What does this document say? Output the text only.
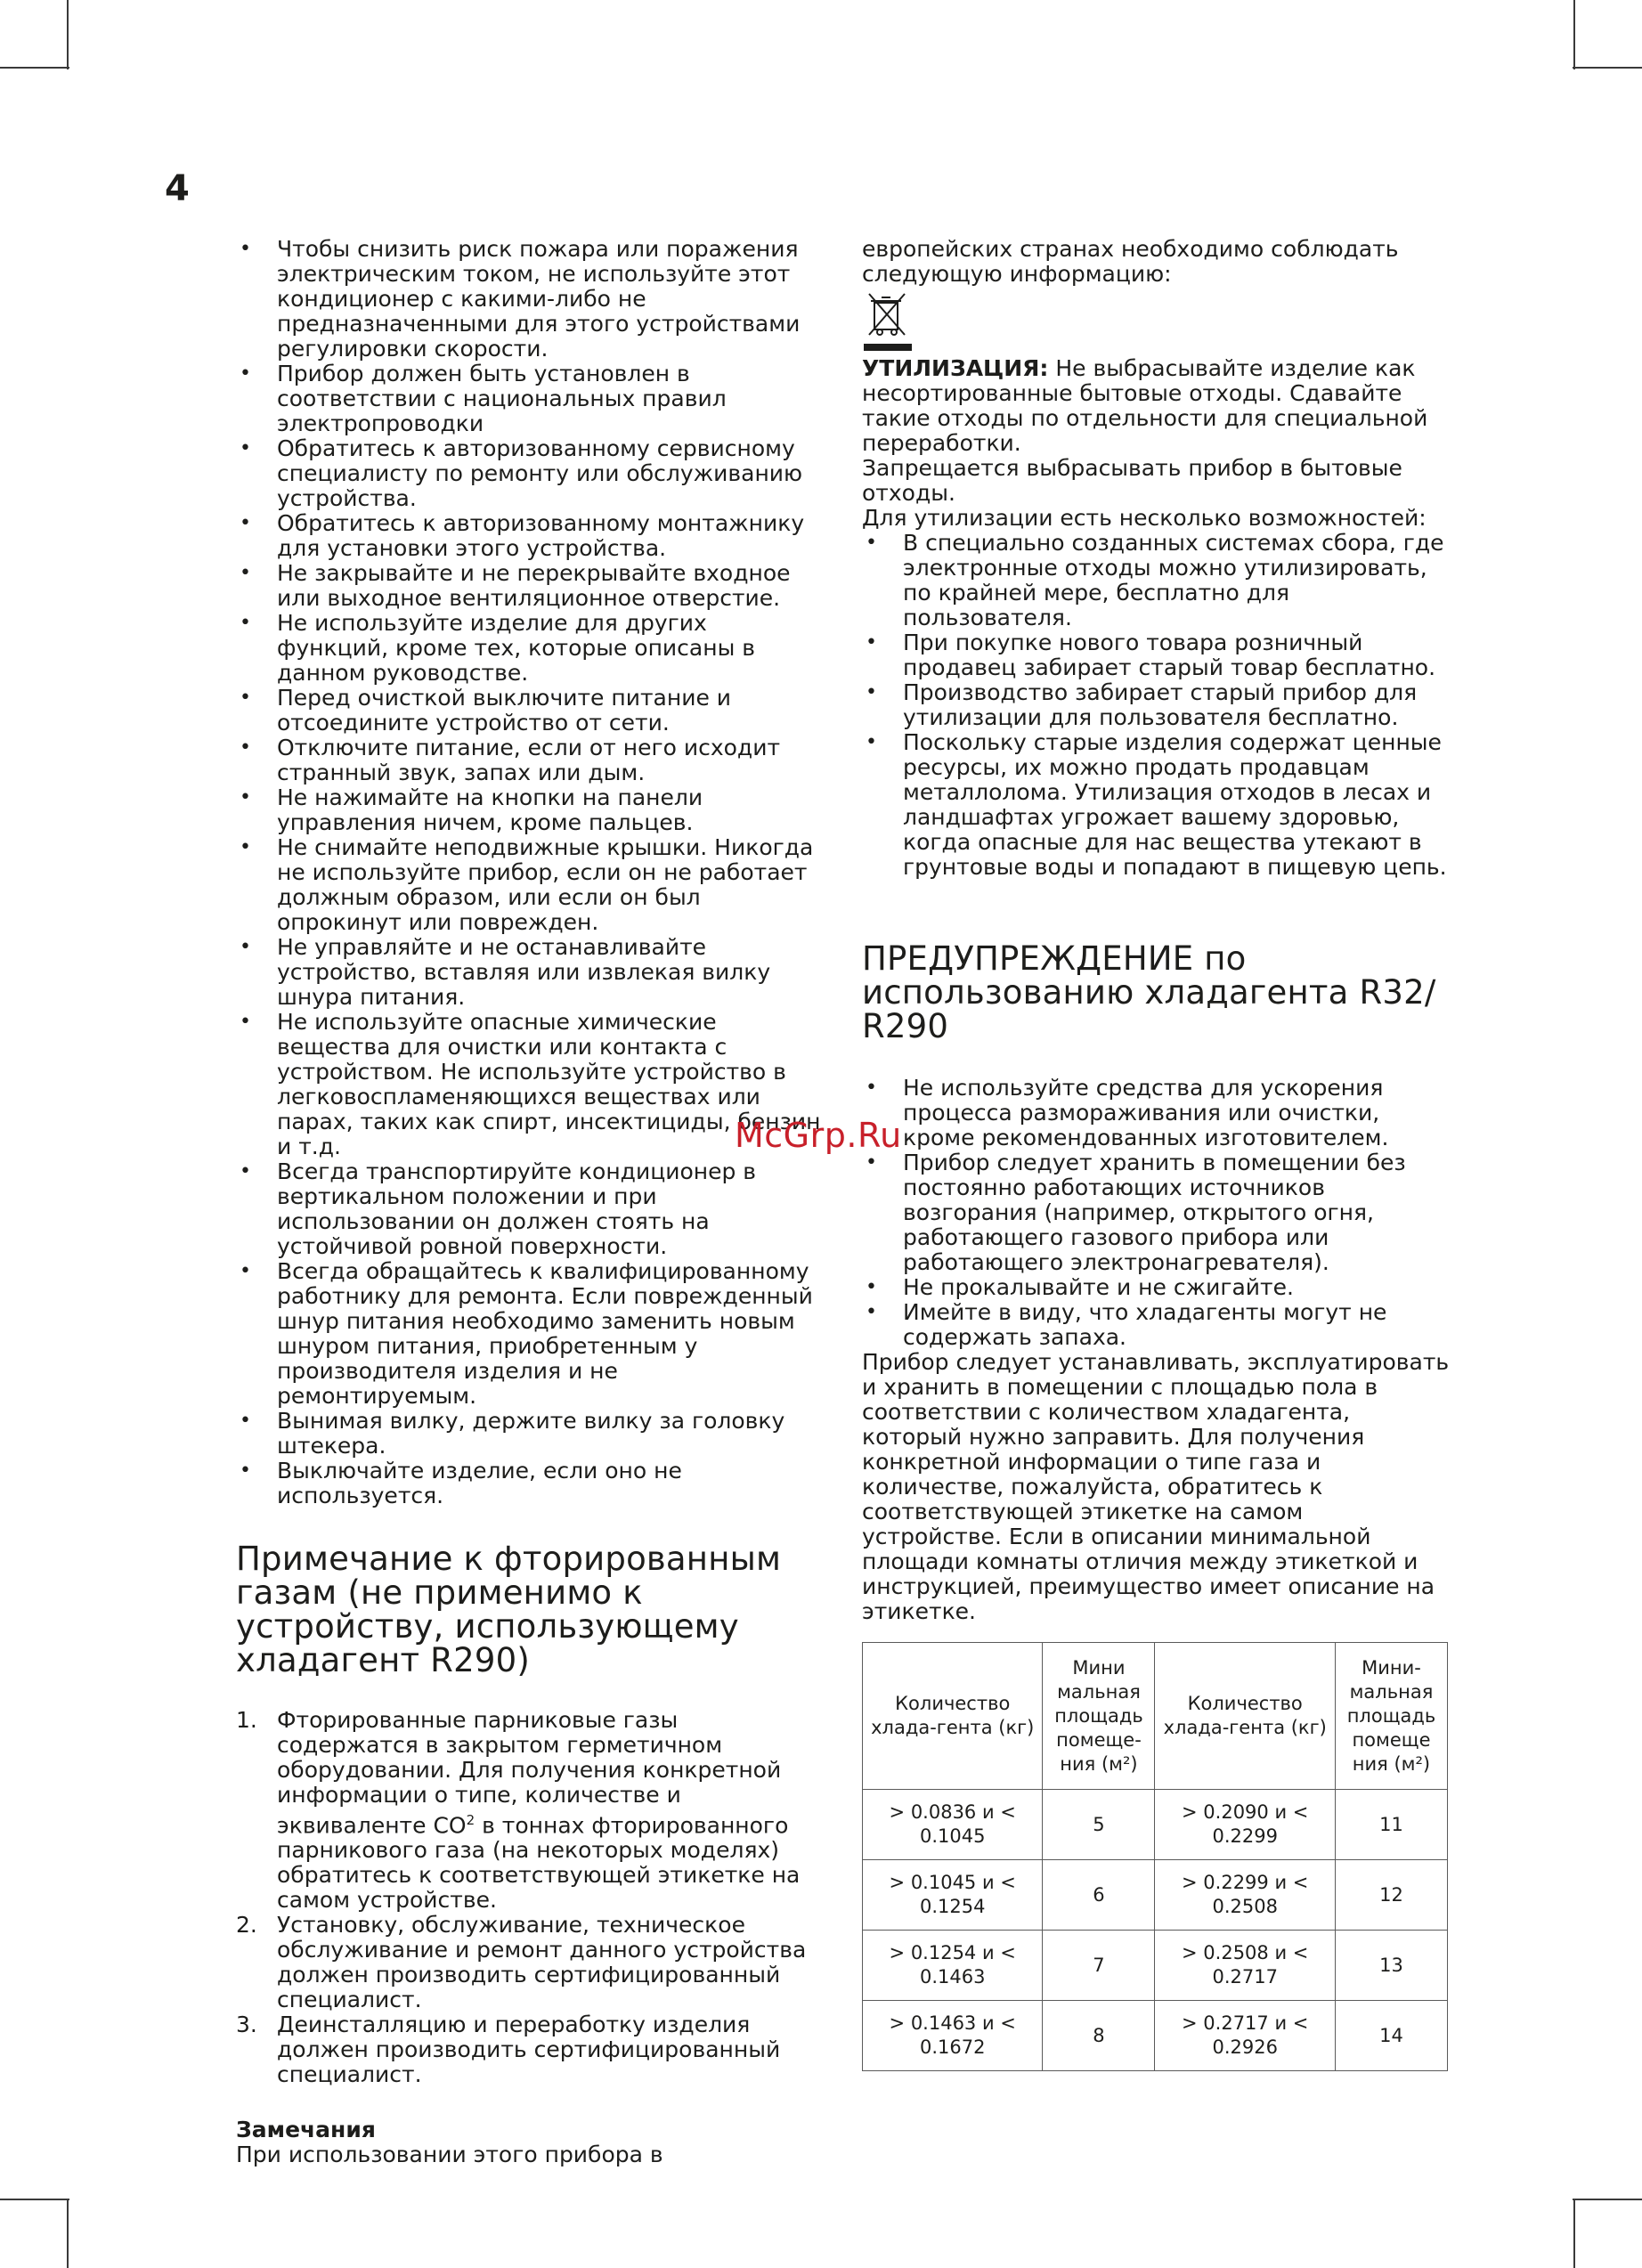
4
• Чтобы снизить риск пожара или поражения электрическим током, не используйте этот кондиционер с какими-либо не предназначенными для этого устройствами регулировки скорости.
• Прибор должен быть установлен в соответствии с национальных правил электропроводки
• Обратитесь к авторизованному сервисному специалисту по ремонту или обслуживанию устройства.
• Обратитесь к авторизованному монтажнику для установки этого устройства.
• Не закрывайте и не перекрывайте входное или выходное вентиляционное отверстие.
• Не используйте изделие для других функций, кроме тех, которые описаны в данном руководстве.
• Перед очисткой выключите питание и отсоедините устройство от сети.
• Отключите питание, если от него исходит странный звук, запах или дым.
• Не нажимайте на кнопки на панели управления ничем, кроме пальцев.
• Не снимайте неподвижные крышки. Никогда не используйте прибор, если он не работает должным образом, или если он был опрокинут или поврежден.
• Не управляйте и не останавливайте устройство, вставляя или извлекая вилку шнура питания.
• Не используйте опасные химические вещества для очистки или контакта с устройством. Не используйте устройство в легковоспламеняющихся веществах или парах, таких как спирт, инсектициды, бензин и т.д.
• Всегда транспортируйте кондиционер в вертикальном положении и при использовании он должен стоять на устойчивой ровной поверхности.
• Всегда обращайтесь к квалифицированному работнику для ремонта. Если поврежденный шнур питания необходимо заменить новым шнуром питания, приобретенным у производителя изделия и не ремонтируемым.
• Вынимая вилку, держите вилку за головку штекера.
• Выключайте изделие, если оно не используется.
Примечание к фторированным газам (не применимо к устройству, использующему хладагент R290)
1. Фторированные парниковые газы содержатся в закрытом герметичном оборудовании. Для получения конкретной информации о типе, количестве и эквиваленте $CO^2$ в тоннах фторированного парникового газа (на некоторых моделях) обратитесь к соответствующей этикетке на самом устройстве.
2. Установку, обслуживание, техническое обслуживание и ремонт данного устройства должен производить сертифицированный специалист.
3. Деинсталляцию и переработку изделия должен производить сертифицированный специалист.
Замечания

При использовании этого прибора в

европейских странах необходимо соблюдать следующую информацию:

УТИЛИЗАЦИЯ: Не выбрасывайте изделие как несортированные бытовые отходы. Сдавайте такие отходы по отдельности для специальной переработки.

Запрещается выбрасывать прибор в бытовые отходы.

Для утилизации есть несколько возможностей:

• В специально созданных системах сбора, где электронные отходы можно утилизировать, по крайней мере, бесплатно для пользователя.
• При покупке нового товара розничный продавец забирает старый товар бесплатно.
• Производство забирает старый прибор для утилизации для пользователя бесплатно.
• Поскольку старые изделия содержат ценные ресурсы, их можно продать продавцам металлолома. Утилизация отходов в лесах и ландшафтах угрожает вашему здоровью, когда опасные для нас вещества утекают в грунтовые воды и попадают в пищевую цепь.
ПРЕДУПРЕЖДЕНИЕ по использованию хладагента R32/ R290
• Не используйте средства для ускорения процесса размораживания или очистки, кроме рекомендованных изготовителем.
• Прибор следует хранить в помещении без постоянно работающих источников возгорания (например, открытого огня, работающего газового прибора или работающего электронагревателя).
• Не прокалывайте и не сжигайте.
• Имейте в виду, что хладагенты могут не содержать запаха.

Прибор следует устанавливать, эксплуатировать и хранить в помещении с площадью пола в соответствии с количеством хладагента, который нужно заправить. Для получения конкретной информации о типе газа и количестве, пожалуйста, обратитесь к соответствующей этикетке на самом устройстве. Если в описании минимальной площади комнаты отличия между этикеткой и инструкцией, преимущество имеет описание на этикетке.

Количество хлада-гента (кг)	Мини мальная площадь помеще-ния (м²)	Количество хлада-гента (кг)	Мини-мальная площадь помеще ния (м²)
> 0.0836 и < 0.1045	5	> 0.2090 и < 0.2299	11
> 0.1045 и < 0.1254	6	> 0.2299 и < 0.2508	12
> 0.1254 и < 0.1463	7	> 0.2508 и < 0.2717	13
> 0.1463 и < 0.1672	8	> 0.2717 и < 0.2926	14
McGrp.Ru
